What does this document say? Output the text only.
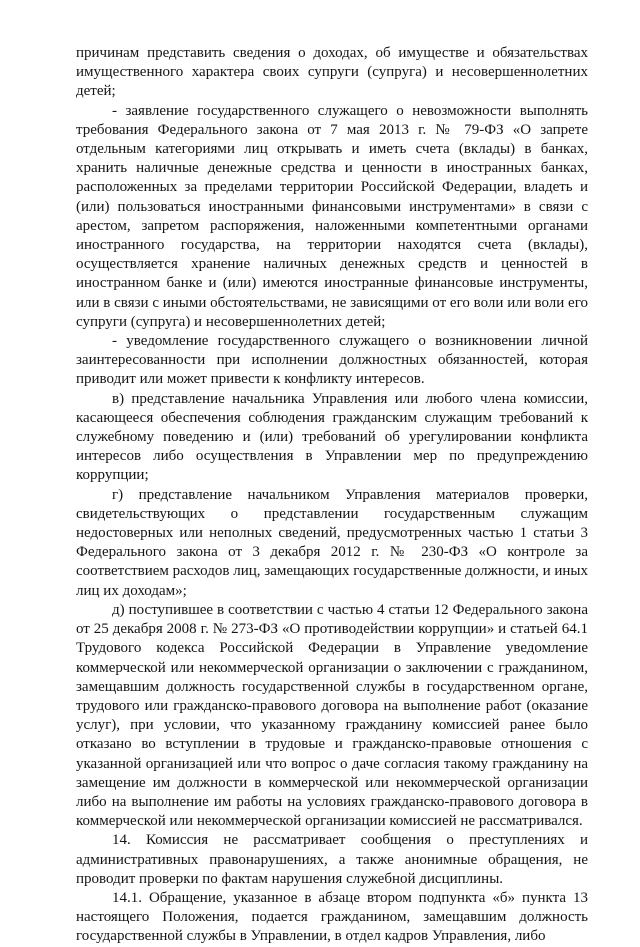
причинам представить сведения о доходах, об имуществе и обязательствах имущественного характера своих супруги (супруга) и несовершеннолетних детей;

- заявление государственного служащего о невозможности выполнять требования Федерального закона от 7 мая 2013 г. № 79-ФЗ «О запрете отдельным категориями лиц открывать и иметь счета (вклады) в банках, хранить наличные денежные средства и ценности в иностранных банках, расположенных за пределами территории Российской Федерации, владеть и (или) пользоваться иностранными финансовыми инструментами» в связи с арестом, запретом распоряжения, наложенными компетентными органами иностранного государства, на территории находятся счета (вклады), осуществляется хранение наличных денежных средств и ценностей в иностранном банке и (или) имеются иностранные финансовые инструменты, или в связи с иными обстоятельствами, не зависящими от его воли или воли его супруги (супруга) и несовершеннолетних детей;

- уведомление государственного служащего о возникновении личной заинтересованности при исполнении должностных обязанностей, которая приводит или может привести к конфликту интересов.

в) представление начальника Управления или любого члена комиссии, касающееся обеспечения соблюдения гражданским служащим требований к служебному поведению и (или) требований об урегулировании конфликта интересов либо осуществления в Управлении мер по предупреждению коррупции;

г) представление начальником Управления материалов проверки, свидетельствующих о представлении государственным служащим недостоверных или неполных сведений, предусмотренных частью 1 статьи 3 Федерального закона от 3 декабря 2012 г. № 230-ФЗ «О контроле за соответствием расходов лиц, замещающих государственные должности, и иных лиц их доходам»;

д) поступившее в соответствии с частью 4 статьи 12 Федерального закона от 25 декабря 2008 г. № 273-ФЗ «О противодействии коррупции» и статьей 64.1 Трудового кодекса Российской Федерации в Управление уведомление коммерческой или некоммерческой организации о заключении с гражданином, замещавшим должность государственной службы в государственном органе, трудового или гражданско-правового договора на выполнение работ (оказание услуг), при условии, что указанному гражданину комиссией ранее было отказано во вступлении в трудовые и гражданско-правовые отношения с указанной организацией или что вопрос о даче согласия такому гражданину на замещение им должности в коммерческой или некоммерческой организации либо на выполнение им работы на условиях гражданско-правового договора в коммерческой или некоммерческой организации комиссией не рассматривался.

14. Комиссия не рассматривает сообщения о преступлениях и административных правонарушениях, а также анонимные обращения, не проводит проверки по фактам нарушения служебной дисциплины.

14.1. Обращение, указанное в абзаце втором подпункта «б» пункта 13 настоящего Положения, подается гражданином, замещавшим должность государственной службы в Управлении, в отдел кадров Управления, либо
